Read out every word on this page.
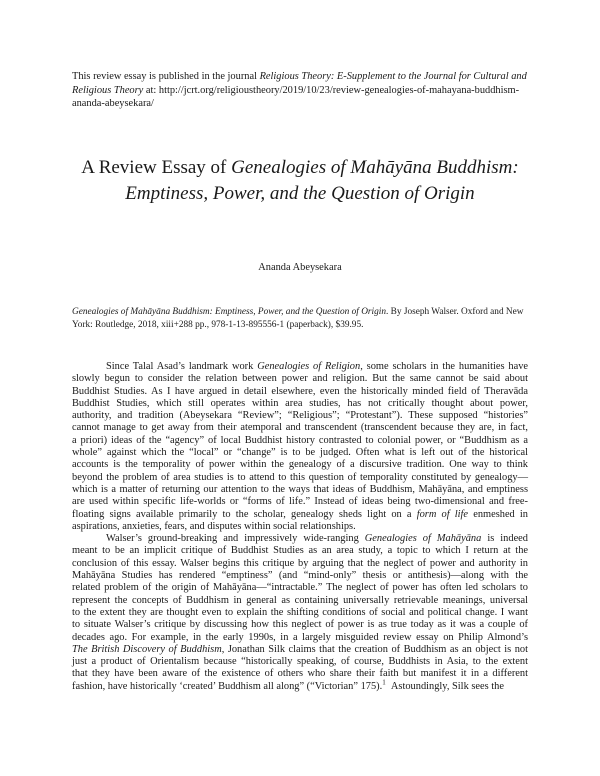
This review essay is published in the journal Religious Theory: E-Supplement to the Journal for Cultural and Religious Theory at: http://jcrt.org/religioustheory/2019/10/23/review-genealogies-of-mahayana-buddhism-ananda-abeysekara/
A Review Essay of Genealogies of Mahāyāna Buddhism: Emptiness, Power, and the Question of Origin
Ananda Abeysekara
Genealogies of Mahāyāna Buddhism: Emptiness, Power, and the Question of Origin. By Joseph Walser. Oxford and New York: Routledge, 2018, xiii+288 pp., 978-1-13-895556-1 (paperback), $39.95.
Since Talal Asad’s landmark work Genealogies of Religion, some scholars in the humanities have
slowly begun to consider the relation between power and religion. But the same cannot be said about
Buddhist Studies. As I have argued in detail elsewhere, even the historically minded field of Theravāda
Buddhist Studies, which still operates within area studies, has not critically thought about power,
authority, and tradition (Abeysekara “Review”; “Religious”; “Protestant”). These supposed “histories”
cannot manage to get away from their atemporal and transcendent (transcendent because they are, in fact,
a priori) ideas of the “agency” of local Buddhist history contrasted to colonial power, or “Buddhism as a
whole” against which the “local” or “change” is to be judged. Often what is left out of the historical
accounts is the temporality of power within the genealogy of a discursive tradition. One way to think
beyond the problem of area studies is to attend to this question of temporality constituted by genealogy—
which is a matter of returning our attention to the ways that ideas of Buddhism, Mahāyāna, and emptiness
are used within specific life-worlds or “forms of life.” Instead of ideas being two-dimensional and free-
floating signs available primarily to the scholar, genealogy sheds light on a form of life enmeshed in
aspirations, anxieties, fears, and disputes within social relationships.
Walser’s ground-breaking and impressively wide-ranging Genealogies of Mahāyāna is indeed
meant to be an implicit critique of Buddhist Studies as an area study, a topic to which I return at the
conclusion of this essay. Walser begins this critique by arguing that the neglect of power and authority in
Mahāyāna Studies has rendered “emptiness” (and “mind-only” thesis or antithesis)—along with the
related problem of the origin of Mahāyāna—“intractable.” The neglect of power has often led scholars to
represent the concepts of Buddhism in general as containing universally retrievable meanings, universal
to the extent they are thought even to explain the shifting conditions of social and political change. I want
to situate Walser’s critique by discussing how this neglect of power is as true today as it was a couple of
decades ago. For example, in the early 1990s, in a largely misguided review essay on Philip Almond’s
The British Discovery of Buddhism, Jonathan Silk claims that the creation of Buddhism as an object is not
just a product of Orientalism because “historically speaking, of course, Buddhists in Asia, to the extent
that they have been aware of the existence of others who share their faith but manifest it in a different
fashion, have historically ‘created’ Buddhism all along” (“Victorian” 175).$^1$ Astoundingly, Silk sees the
